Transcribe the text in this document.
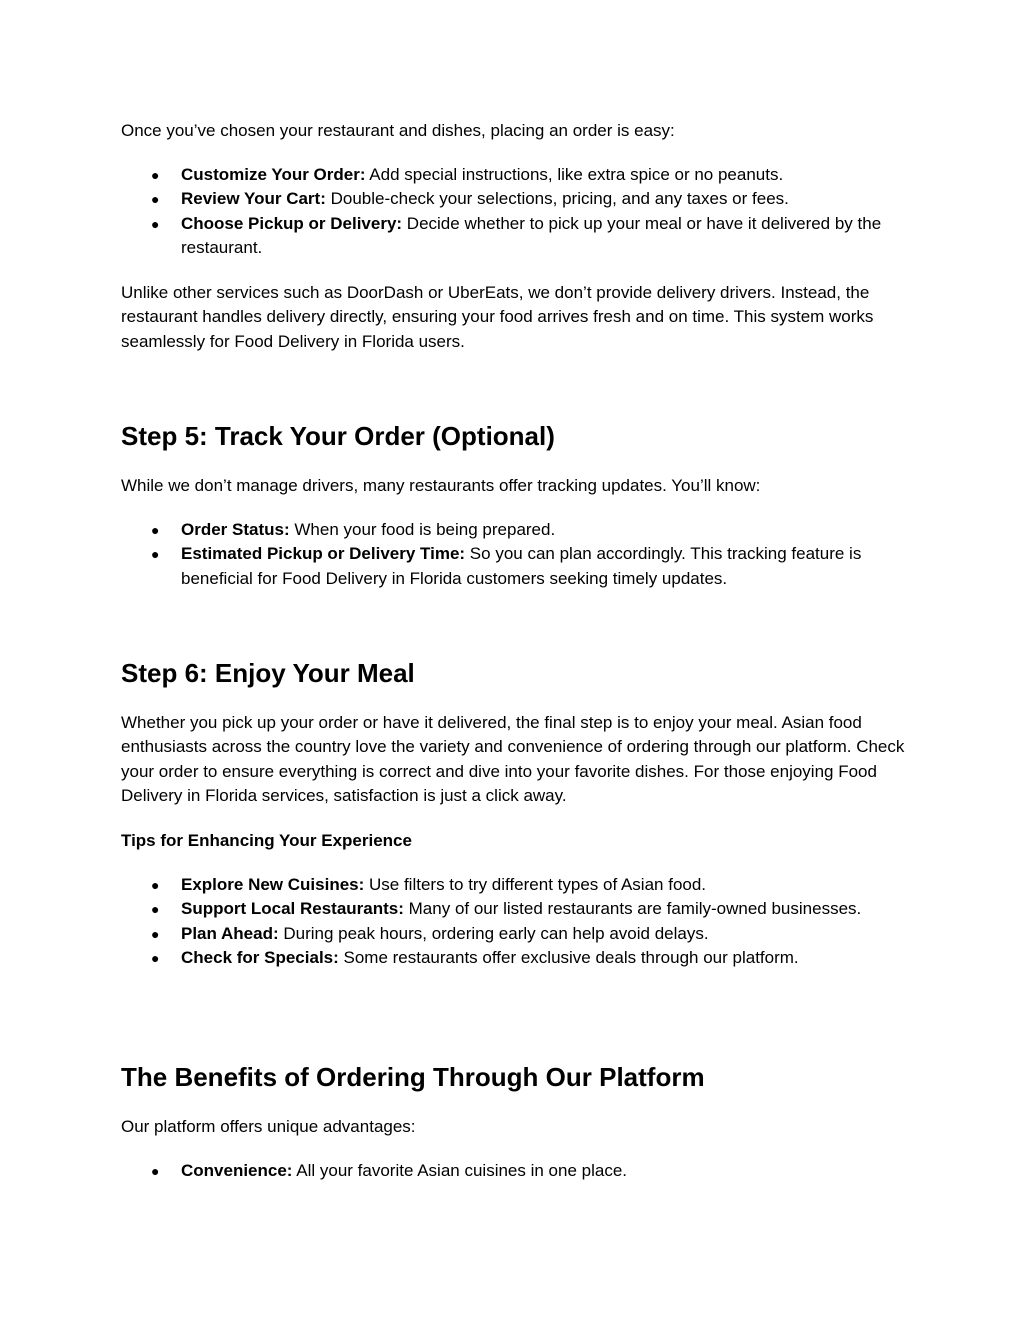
Once you’ve chosen your restaurant and dishes, placing an order is easy:

● Customize Your Order: Add special instructions, like extra spice or no peanuts.
● Review Your Cart: Double-check your selections, pricing, and any taxes or fees.
● Choose Pickup or Delivery: Decide whether to pick up your meal or have it delivered by the restaurant.

Unlike other services such as DoorDash or UberEats, we don’t provide delivery drivers. Instead, the restaurant handles delivery directly, ensuring your food arrives fresh and on time. This system works seamlessly for Food Delivery in Florida users.

Step 5: Track Your Order (Optional)

While we don’t manage drivers, many restaurants offer tracking updates. You’ll know:

● Order Status: When your food is being prepared.
● Estimated Pickup or Delivery Time: So you can plan accordingly. This tracking feature is beneficial for Food Delivery in Florida customers seeking timely updates.
Step 6: Enjoy Your Meal

Whether you pick up your order or have it delivered, the final step is to enjoy your meal. Asian food enthusiasts across the country love the variety and convenience of ordering through our platform. Check your order to ensure everything is correct and dive into your favorite dishes. For those enjoying Food Delivery in Florida services, satisfaction is just a click away.

Tips for Enhancing Your Experience

● Explore New Cuisines: Use filters to try different types of Asian food.
● Support Local Restaurants: Many of our listed restaurants are family-owned businesses.
● Plan Ahead: During peak hours, ordering early can help avoid delays.
● Check for Specials: Some restaurants offer exclusive deals through our platform.
The Benefits of Ordering Through Our Platform

Our platform offers unique advantages:

● Convenience: All your favorite Asian cuisines in one place.
